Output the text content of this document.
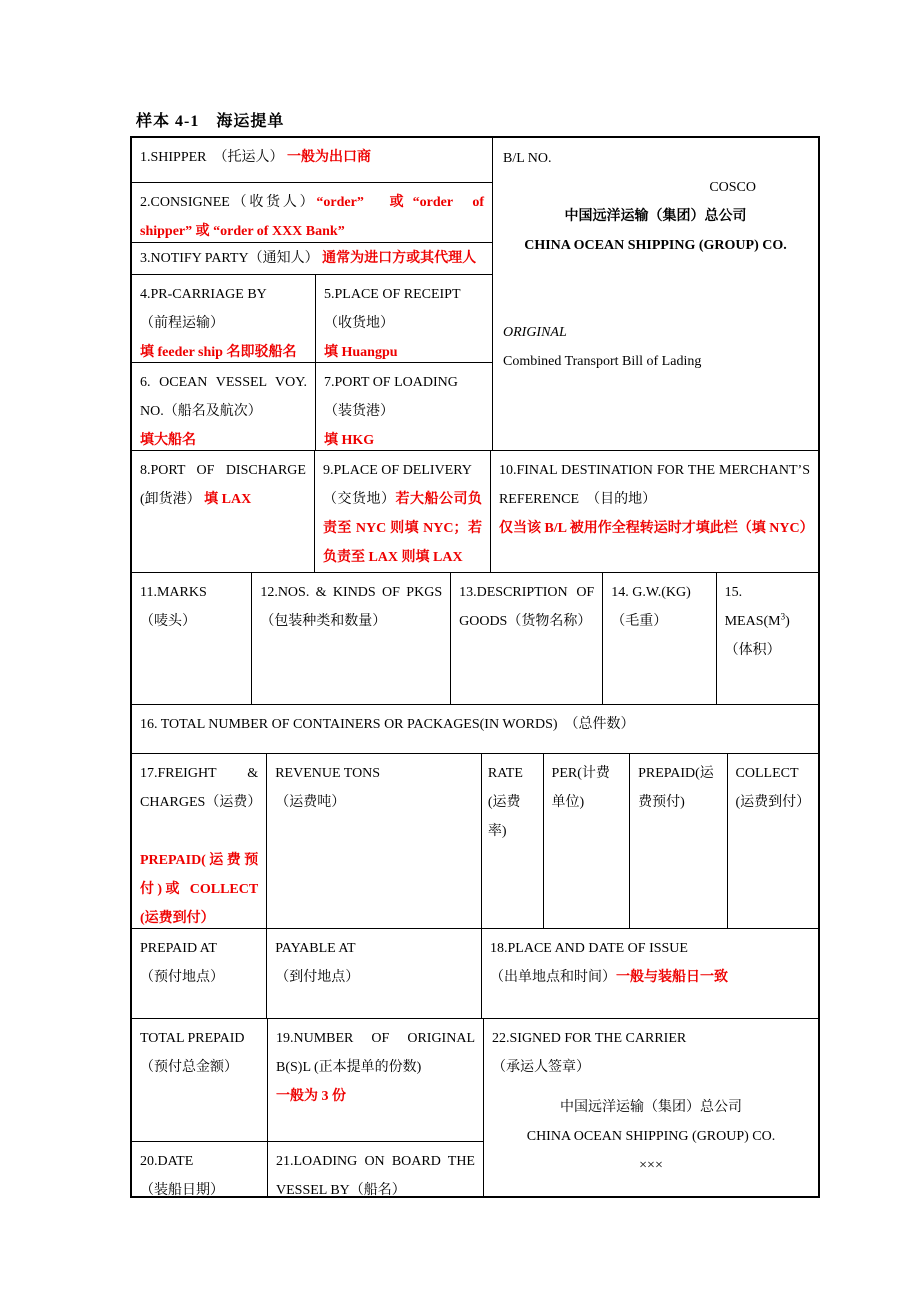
样本 4-1　海运提单
1.SHIPPER　（托运人） 一般为出口商
2.CONSIGNEE（收货人）“order”　 或 “order　of shipper” 或 “order of XXX Bank”
3.NOTIFY PARTY（通知人） 通常为进口方或其代理人
4.PR-CARRIAGE BY
（前程运输）
填 feeder ship 名即驳船名
5.PLACE OF RECEIPT
（收货地）
填 Huangpu
6. OCEAN VESSEL VOY. NO.（船名及航次）
填大船名
7.PORT OF LOADING
（装货港）
填 HKG
B/L NO.
COSCO
中国远洋运输（集团）总公司
CHINA OCEAN SHIPPING (GROUP) CO.
ORIGINAL
Combined Transport Bill of Lading
8.PORT OF DISCHARGE (卸货港） 填 LAX
9.PLACE OF DELIVERY
（交货地）若大船公司负责至 NYC 则填 NYC；若负责至 LAX 则填 LAX
10.FINAL DESTINATION FOR THE MERCHANT’S REFERENCE　（目的地）
仅当该 B/L 被用作全程转运时才填此栏（填 NYC）
11.MARKS
（唛头）
12.NOS. & KINDS OF PKGS（包装种类和数量）
13.DESCRIPTION OF GOODS（货物名称）
14. G.W.(KG)
（毛重）
15. $MEAS(M^3)$
（体积）
16. TOTAL NUMBER OF CONTAINERS OR PACKAGES(IN WORDS)　（总件数）
17.FREIGHT　&
CHARGES（运费）
PREPAID(运费预付)或 COLLECT (运费到付）
REVENUE TONS
（运费吨）
RATE(运费率)
PER(计费单位)
PREPAID(运费预付)
COLLECT (运费到付）
PREPAID AT
（预付地点）
PAYABLE AT
（到付地点）
18.PLACE AND DATE OF ISSUE
（出单地点和时间）一般与装船日一致
TOTAL PREPAID
（预付总金额）
19.NUMBER OF ORIGINAL B(S)L (正本提单的份数)
一般为 3 份
20.DATE
（装船日期）
21.LOADING ON BOARD THE VESSEL BY（船名）
22.SIGNED FOR THE CARRIER
（承运人签章）
中国远洋运输（集团）总公司
CHINA OCEAN SHIPPING (GROUP) CO.
×××
